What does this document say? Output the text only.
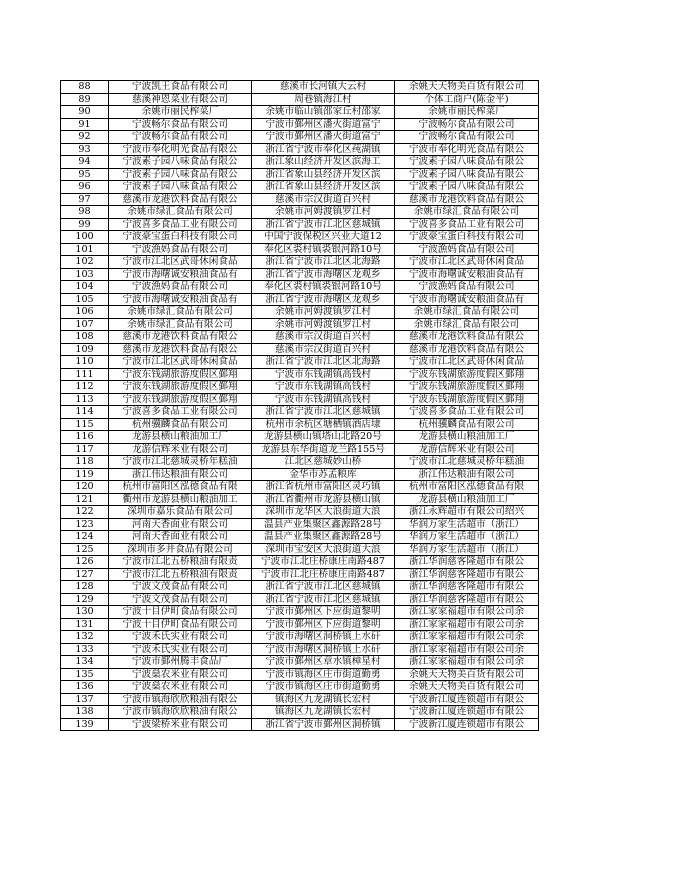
88	宁波凯王食品有限公司	慈溪市长河镇大云村	余姚天天物美百货有限公司
89	慈溪神恩菜业有限公司	周巷镇海江村	个体工商户(陈金平)
90	余姚市丽民榨菜厂	余姚市临山镇邵家丘村邵家	余姚市丽民榨菜厂
91	宁波畅尔食品有限公司	宁波市鄞州区潘火街道富宁	宁波畅尔食品有限公司
92	宁波畅尔食品有限公司	宁波市鄞州区潘火街道富宁	宁波畅尔食品有限公司
93	宁波市奉化明光食品有限公	浙江省宁波市奉化区莼湖镇	宁波市奉化明光食品有限公
94	宁波素子园八味食品有限公	浙江象山经济开发区滨海工	宁波素子园八味食品有限公
95	宁波素子园八味食品有限公	浙江省象山县经济开发区滨	宁波素子园八味食品有限公
96	宁波素子园八味食品有限公	浙江省象山县经济开发区滨	宁波素子园八味食品有限公
97	慈溪市龙港饮料食品有限公	慈溪市宗汉街道百兴村	慈溪市龙港饮料食品有限公
98	余姚市绿汇食品有限公司	余姚市河姆渡镇罗江村	余姚市绿汇食品有限公司
99	宁波喜多食品工业有限公司	浙江省宁波市江北区慈城镇	宁波喜多食品工业有限公司
100	宁波豪宝蛋白科技有限公司	中国宁波保税区兴业大道12	宁波豪宝蛋白科技有限公司
101	宁波漁妈食品有限公司	奉化区裘村镇裘银河路10号	宁波漁妈食品有限公司
102	宁波市江北区武哥休闲食品	浙江省宁波市江北区北海路	宁波市江北区武哥休闲食品
103	宁波市海曙诚安粮油食品有	浙江省宁波市海曙区龙观乡	宁波市海曙诚安粮油食品有
104	宁波漁妈食品有限公司	奉化区裘村镇裘银河路10号	宁波漁妈食品有限公司
105	宁波市海曙诚安粮油食品有	浙江省宁波市海曙区龙观乡	宁波市海曙诚安粮油食品有
106	余姚市绿汇食品有限公司	余姚市河姆渡镇罗江村	余姚市绿汇食品有限公司
107	余姚市绿汇食品有限公司	余姚市河姆渡镇罗江村	余姚市绿汇食品有限公司
108	慈溪市龙港饮料食品有限公	慈溪市宗汉街道百兴村	慈溪市龙港饮料食品有限公
109	慈溪市龙港饮料食品有限公	慈溪市宗汉街道百兴村	慈溪市龙港饮料食品有限公
110	宁波市江北区武哥休闲食品	浙江省宁波市江北区北海路	宁波市江北区武哥休闲食品
111	宁波东钱湖旅游度假区鄞翔	宁波市东钱湖镇高钱村	宁波东钱湖旅游度假区鄞翔
112	宁波东钱湖旅游度假区鄞翔	宁波市东钱湖镇高钱村	宁波东钱湖旅游度假区鄞翔
113	宁波东钱湖旅游度假区鄞翔	宁波市东钱湖镇高钱村	宁波东钱湖旅游度假区鄞翔
114	宁波喜多食品工业有限公司	浙江省宁波市江北区慈城镇	宁波喜多食品工业有限公司
115	杭州骥麟食品有限公司	杭州市余杭区塘栖镇酒店埭	杭州骥麟食品有限公司
116	龙游县横山粮油加工厂	龙游县横山镇塔山北路20号	龙游县横山粮油加工厂
117	龙游信辉米业有限公司	龙游县东华街道龙兰路155号	龙游信辉米业有限公司
118	宁波市江北慈城灵桥年糕油	江北区慈城妙山桥	宁波市江北慈城灵桥年糕油
119	浙江伟达粮油有限公司	金华市苏孟粮库	浙江伟达粮油有限公司
120	杭州市富阳区泓德食品有限	浙江省杭州市富阳区灵巧镇	杭州市富阳区泓德食品有限
121	衢州市龙游县横山粮油加工	浙江省衢州市龙游县横山镇	龙游县横山粮油加工厂
122	深圳市嘉乐食品有限公司	深圳市龙华区大浪街道大浪	浙江永辉超市有限公司绍兴
123	河南天香面业有限公司	温县产业集聚区鑫源路28号	华润万家生活超市（浙江）
124	河南天香面业有限公司	温县产业集聚区鑫源路28号	华润万家生活超市（浙江）
125	深圳市多井食品有限公司	深圳市宝安区大浪街道大浪	华润万家生活超市（浙江）
126	宁波市江北五桥粮油有限责	宁波市江北庄桥康庄南路487	浙江华润慈客隆超市有限公
127	宁波市江北五桥粮油有限责	宁波市江北庄桥康庄南路487	浙江华润慈客隆超市有限公
128	宁波文茂食品有限公司	浙江省宁波市江北区慈城镇	浙江华润慈客隆超市有限公
129	宁波文茂食品有限公司	浙江省宁波市江北区慈城镇	浙江华润慈客隆超市有限公
130	宁波十目伊町食品有限公司	宁波市鄞州区下应街道黎明	浙江家家福超市有限公司余
131	宁波十目伊町食品有限公司	宁波市鄞州区下应街道黎明	浙江家家福超市有限公司余
132	宁波禾氏实业有限公司	宁波市海曙区洞桥镇上水矸	浙江家家福超市有限公司余
133	宁波禾氏实业有限公司	宁波市海曙区洞桥镇上水矸	浙江家家福超市有限公司余
134	宁波市鄞州腾丰食品厂	宁波市鄞州区章水镇樟星村	浙江家家福超市有限公司余
135	宁波燊农米业有限公司	宁波市镇海区庄市街道勤勇	余姚天天物美百货有限公司
136	宁波燊农米业有限公司	宁波市镇海区庄市街道勤勇	余姚天天物美百货有限公司
137	宁波市镇海欣欣粮油有限公	镇海区九龙湖镇长宏村	宁波新江厦连锁超市有限公
138	宁波市镇海欣欣粮油有限公	镇海区九龙湖镇长宏村	宁波新江厦连锁超市有限公
139	宁波梁桥米业有限公司	浙江省宁波市鄞州区洞桥镇	宁波新江厦连锁超市有限公
